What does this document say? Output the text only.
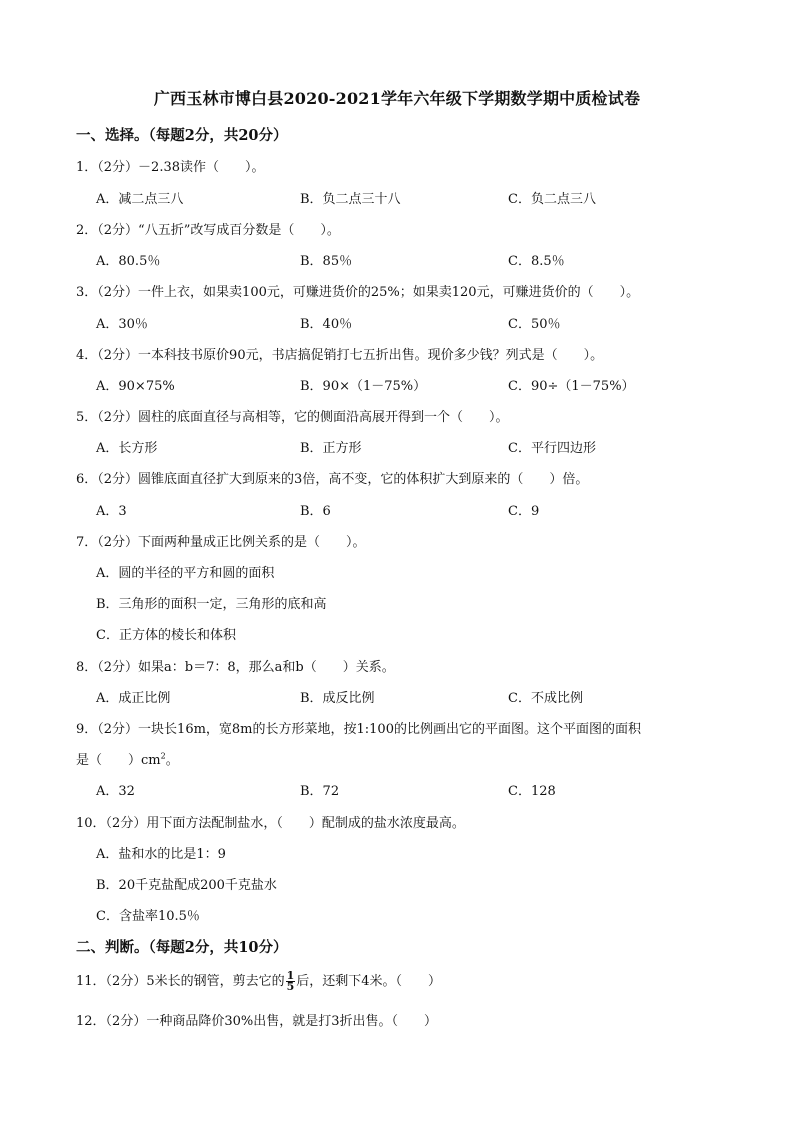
广西玉林市博白县2020-2021学年六年级下学期数学期中质检试卷
一、选择。（每题2分，共20分）
1．（2分）－2.38读作（　　）。
A．减二点三八	B．负二点三十八	C．负二点三八
2．（2分）“八五折”改写成百分数是（　　）。
A．80.5％	B．85％	C．8.5％
3．（2分）一件上衣，如果卖100元，可赚进货价的25%；如果卖120元，可赚进货价的（　　）。
A．30％	B．40％	C．50％
4．（2分）一本科技书原价90元，书店搞促销打七五折出售。现价多少钱？列式是（　　）。
A．90×75%	B．90×（1－75%）	C．90÷（1－75%）
5．（2分）圆柱的底面直径与高相等，它的侧面沿高展开得到一个（　　）。
A．长方形	B．正方形	C．平行四边形
6．（2分）圆锥底面直径扩大到原来的3倍，高不变，它的体积扩大到原来的（　　）倍。
A．3	B．6	C．9
7．（2分）下面两种量成正比例关系的是（　　）。
A．圆的半径的平方和圆的面积
B．三角形的面积一定，三角形的底和高
C．正方体的棱长和体积
8．（2分）如果a：b＝7：8，那么a和b（　　）关系。
A．成正比例	B．成反比例	C．不成比例
9．（2分）一块长16m，宽8m的长方形菜地，按1:100的比例画出它的平面图。这个平面图的面积
是（　　）$cm^2$。
A．32	B．72	C．128
10．（2分）用下面方法配制盐水，（　　）配制成的盐水浓度最高。
A．盐和水的比是1：9
B．20千克盐配成200千克盐水
C．含盐率10.5％
二、判断。（每题2分，共10分）
11．（2分）5米长的钢管，剪去它的 $\frac{1}{5}$ 后，还剩下4米。（　　）
12．（2分）一种商品降价30%出售，就是打3折出售。（　　）
